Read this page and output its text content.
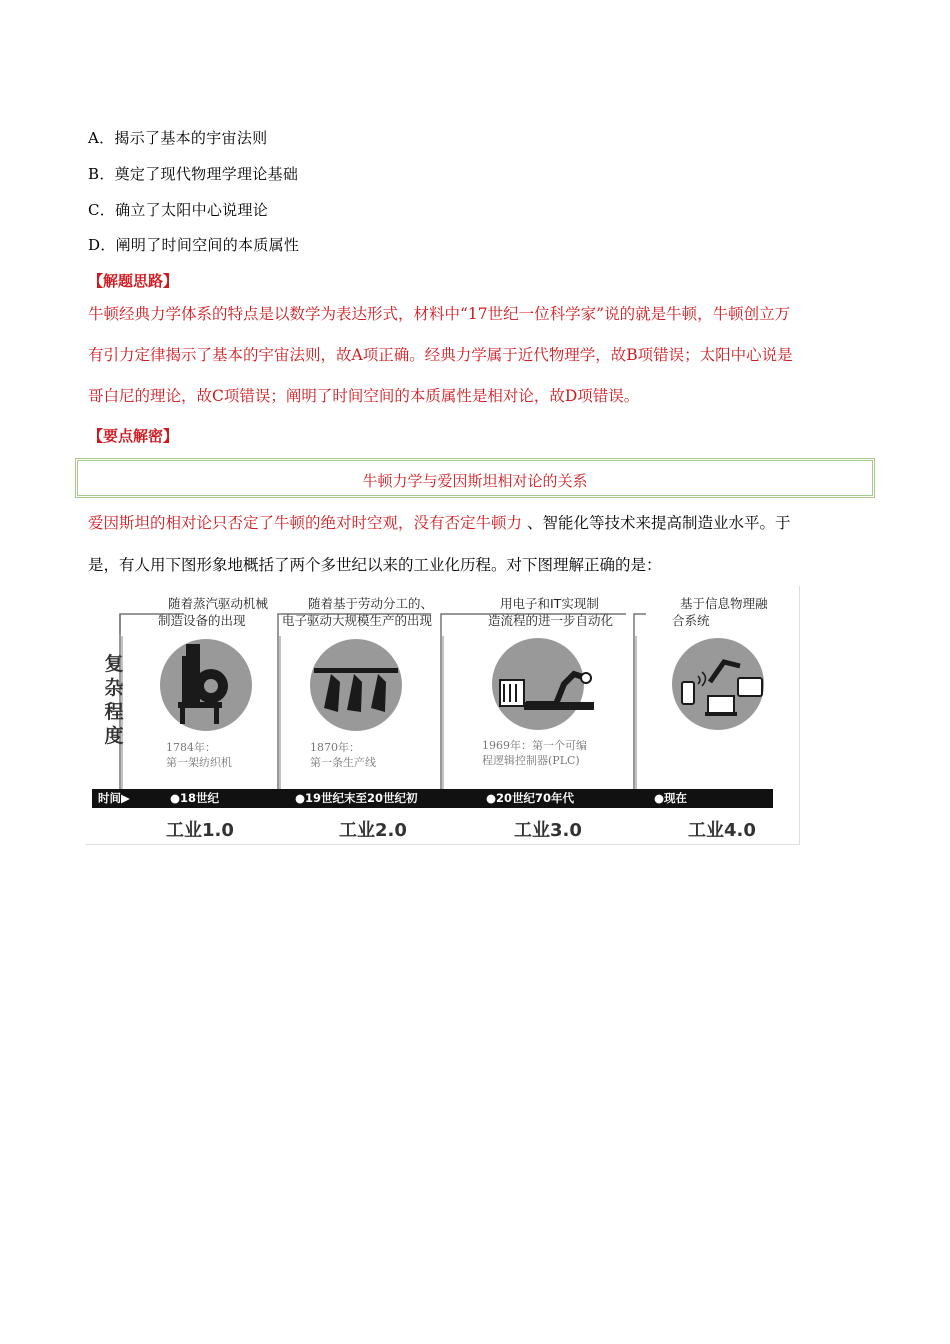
A．揭示了基本的宇宙法则
B．奠定了现代物理学理论基础
C．确立了太阳中心说理论
D．阐明了时间空间的本质属性
【解题思路】
牛顿经典力学体系的特点是以数学为表达形式，材料中“17世纪一位科学家”说的就是牛顿，牛顿创立万
有引力定律揭示了基本的宇宙法则，故A项正确。经典力学属于近代物理学，故B项错误；太阳中心说是
哥白尼的理论，故C项错误；阐明了时间空间的本质属性是相对论，故D项错误。
【要点解密】
牛顿力学与爱因斯坦相对论的关系
爱因斯坦的相对论只否定了牛顿的绝对时空观，没有否定牛顿力 、智能化等技术来提高制造业水平。于
是，有人用下图形象地概括了两个多世纪以来的工业化历程。对下图理解正确的是：
复杂程度
随着蒸汽驱动机械
制造设备的出现
随着基于劳动分工的、
电子驱动大规模生产的出现
用电子和IT实现制
造流程的进一步自动化
基于信息物理融
合系统
1784年：
第一架纺织机
1870年：
第一条生产线
1969年：第一个可编
程逻辑控制器(PLC)
时间▶	●18世纪	●19世纪末至20世纪初	●20世纪70年代	●现在
工业1.0	工业2.0	工业3.0	工业4.0
